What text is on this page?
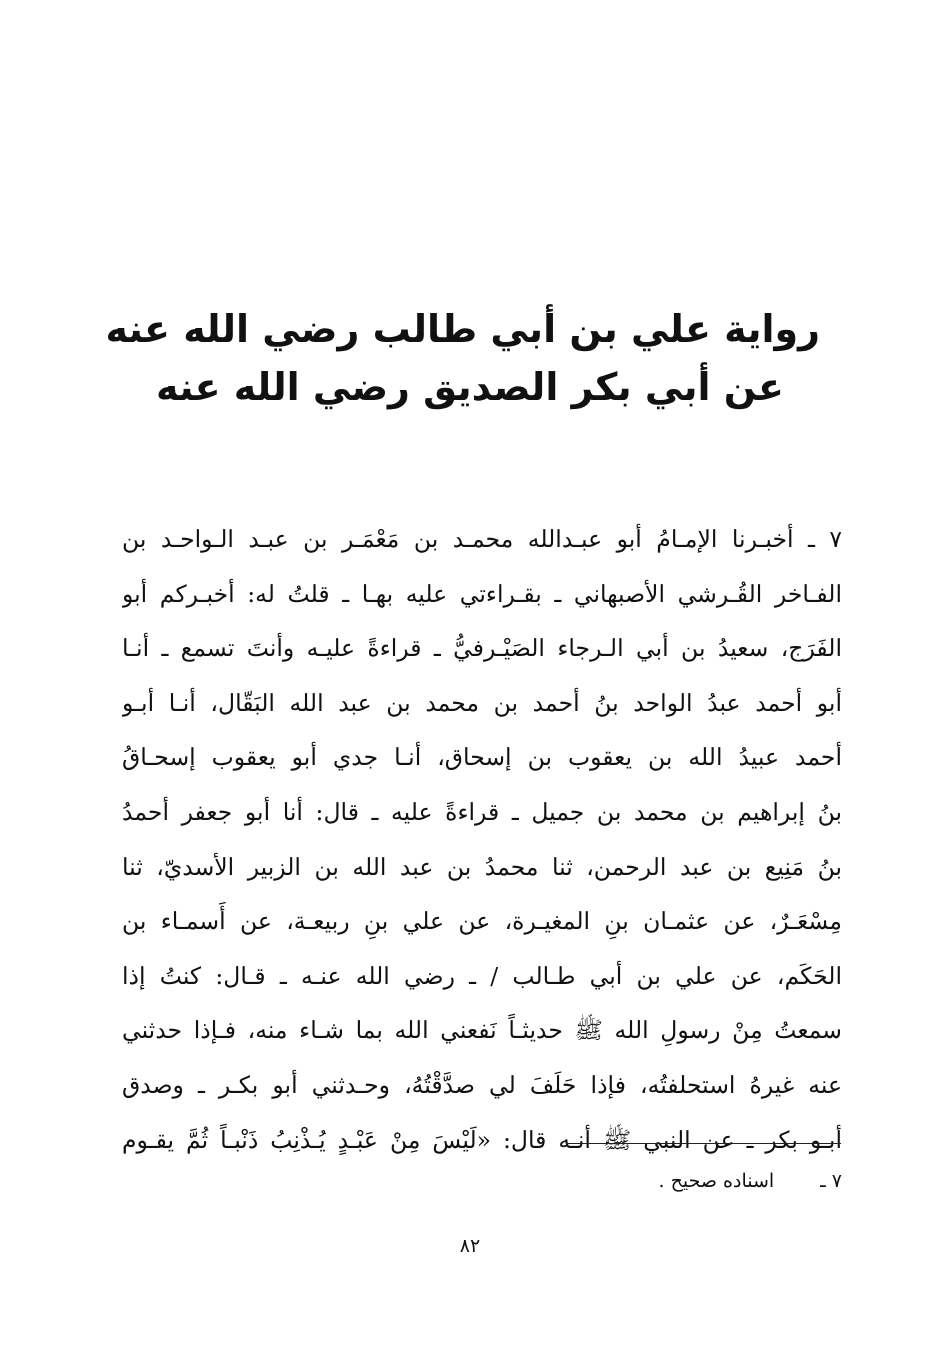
رواية علي بن أبي طالب رضي الله عنه
عن أبي بكر الصديق رضي الله عنه
٧ ـ أخبـرنا الإمـامُ أبو عبـدالله محمـد بن مَعْمَـر بن عبـد الـواحـد بن
الفـاخر القُـرشي الأصبهاني ـ بقـراءتي عليه بهـا ـ قلتُ له: أخبـركم أبو
الفَرَج، سعيدُ بن أبي الـرجاء الصَيْـرفيُّ ـ قراءةً عليـه وأنتَ تسمع ـ أنـا
أبو أحمد عبدُ الواحد بنُ أحمد بن محمد بن عبد الله البَقّال، أنـا أبـو
أحمد عبيدُ الله بن يعقوب بن إسحاق، أنـا جدي أبو يعقوب إسحـاقُ
بنُ إبراهيم بن محمد بن جميل ـ قراءةً عليه ـ قال: أنا أبو جعفر أحمدُ
بنُ مَنِيع بن عبد الرحمن، ثنا محمدُ بن عبد الله بن الزبير الأسديّ، ثنا
مِسْعَـرٌ، عن عثمـان بنِ المغيـرة، عن علي بنِ ربيعـة، عن أَسمـاء بن
الحَكَم، عن علي بن أبي طـالب / ـ رضي الله عنـه ـ قـال: كنتُ إذا
سمعتُ مِنْ رسولِ الله ﷺ حديثـاً نَفعني الله بما شـاء منه، فـإذا حدثني
عنه غيرهُ استحلفتُه، فإذا حَلَفَ لي صدَّقْتُهُ، وحـدثني أبو بكـر ـ وصدق
أبـو بكر ـ عن النبي ﷺ أنـه قال: «لَيْسَ مِنْ عَبْـدٍ يُـذْنِبُ ذَنْبـاً ثُمَّ يقـوم
٧ ـاسناده صحيح .
٨٢
